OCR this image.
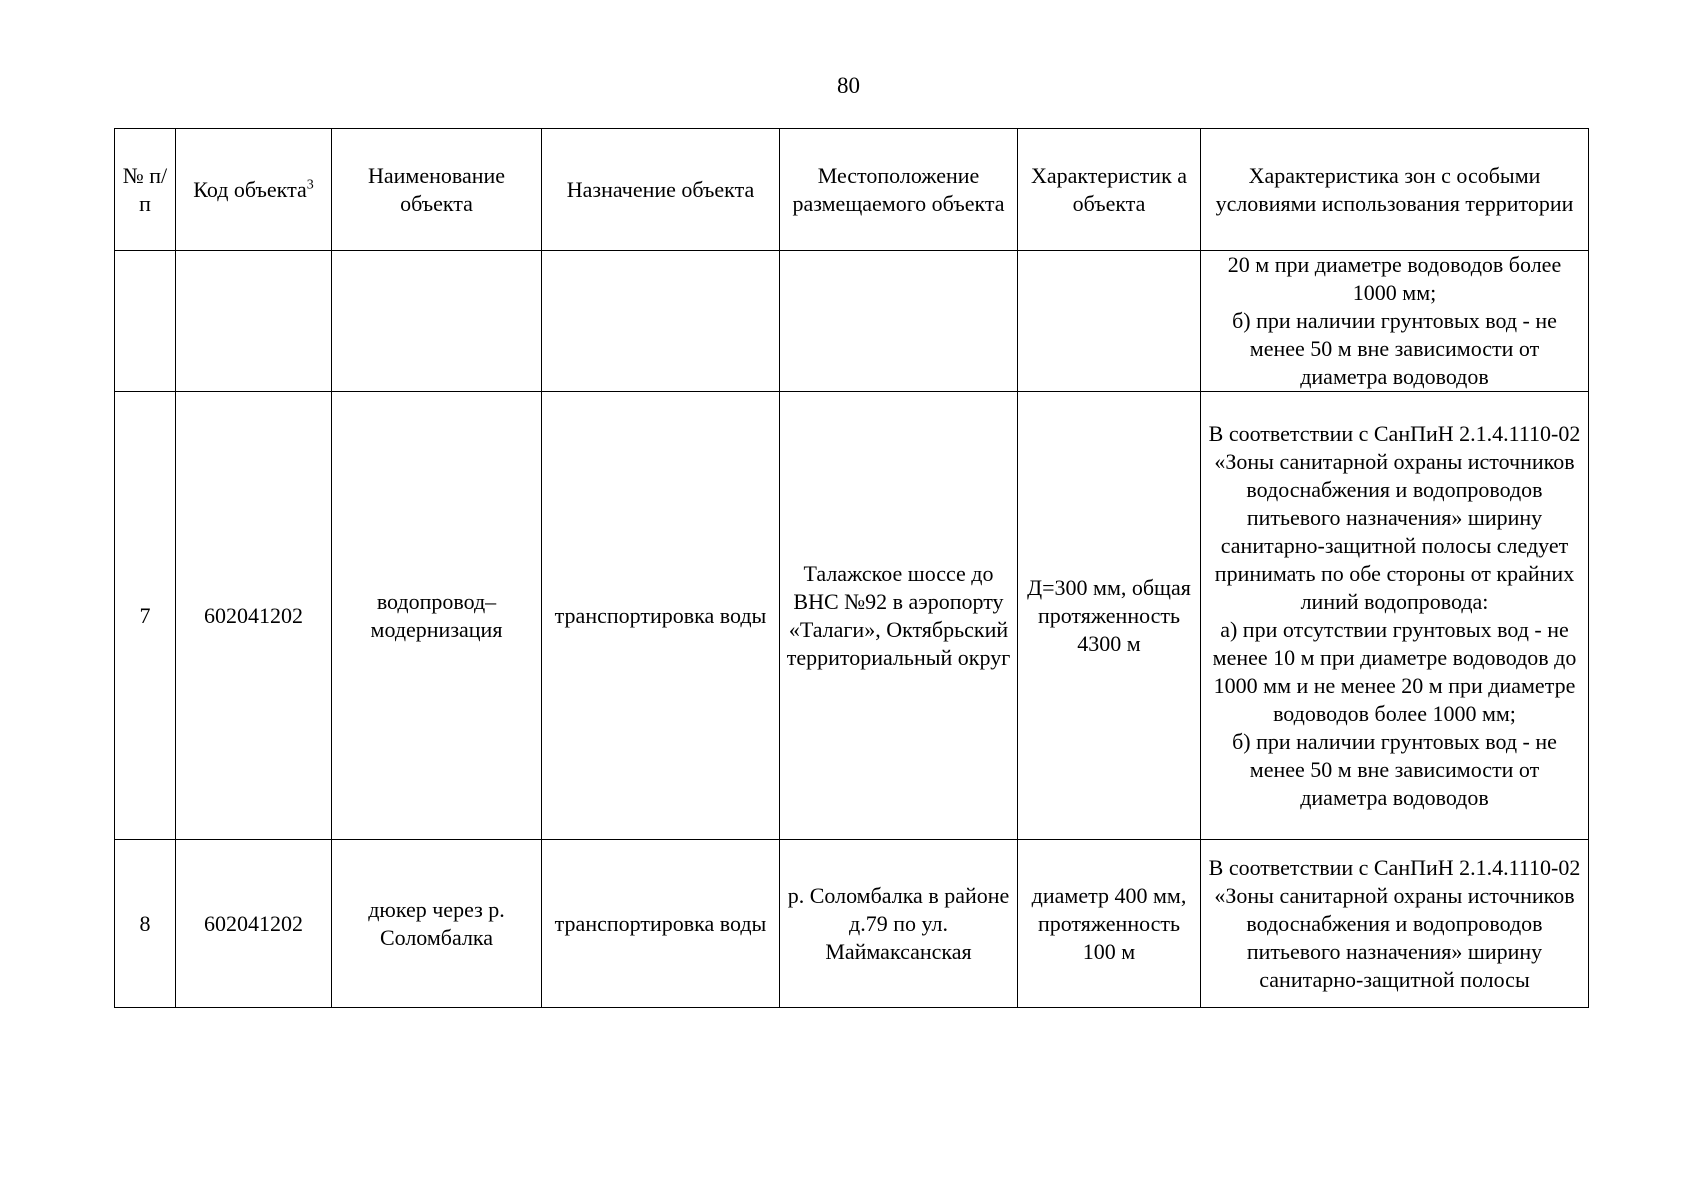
80
№ п/п	Код объекта$^3$	Наименование объекта	Назначение объекта	Местоположение размещаемого объекта	Характеристик а объекта	Характеристика зон с особыми условиями использования территории
						20 м при диаметре водоводов более 1000 мм;
б) при наличии грунтовых вод - не менее 50 м вне зависимости от диаметра водоводов
7	602041202	водопровод–модернизация	транспортировка воды	Талажское шоссе до ВНС №92 в аэропорту «Талаги», Октябрьский территориальный округ	Д=300 мм, общая протяженность 4300 м	В соответствии с СанПиН 2.1.4.1110-02 «Зоны санитарной охраны источников водоснабжения и водопроводов питьевого назначения» ширину санитарно-защитной полосы следует принимать по обе стороны от крайних линий водопровода:
а) при отсутствии грунтовых вод - не менее 10 м при диаметре водоводов до 1000 мм и не менее 20 м при диаметре водоводов более 1000 мм;
б) при наличии грунтовых вод - не менее 50 м вне зависимости от диаметра водоводов
8	602041202	дюкер через р. Соломбалка	транспортировка воды	р. Соломбалка в районе д.79 по ул. Маймаксанская	диаметр 400 мм, протяженность 100 м	В соответствии с СанПиН 2.1.4.1110-02 «Зоны санитарной охраны источников водоснабжения и водопроводов питьевого назначения» ширину санитарно-защитной полосы
